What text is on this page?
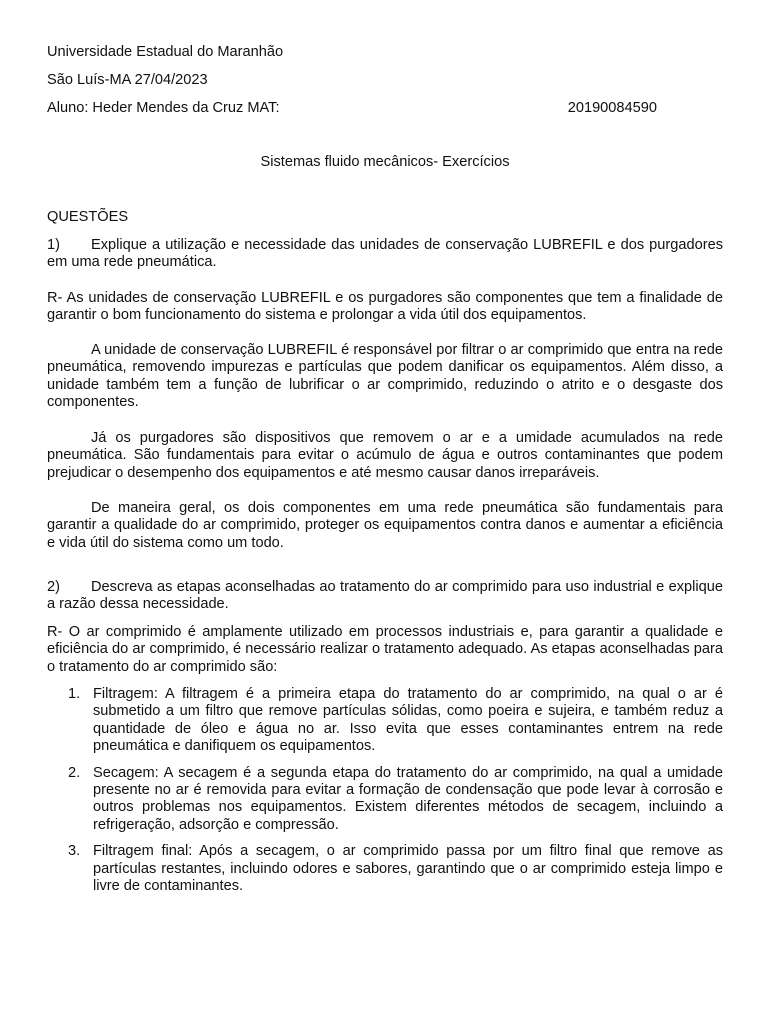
Universidade Estadual do Maranhão

São Luís-MA 27/04/2023

Aluno: Heder Mendes da Cruz MAT:	20190084590

Sistemas fluido mecânicos- Exercícios

QUESTÕES

1) Explique a utilização e necessidade das unidades de conservação LUBREFIL e dos purgadores em uma rede pneumática.

R- As unidades de conservação LUBREFIL e os purgadores são componentes que tem a finalidade de garantir o bom funcionamento do sistema e prolongar a vida útil dos equipamentos.

A unidade de conservação LUBREFIL é responsável por filtrar o ar comprimido que entra na rede pneumática, removendo impurezas e partículas que podem danificar os equipamentos. Além disso, a unidade também tem a função de lubrificar o ar comprimido, reduzindo o atrito e o desgaste dos componentes.

Já os purgadores são dispositivos que removem o ar e a umidade acumulados na rede pneumática. São fundamentais para evitar o acúmulo de água e outros contaminantes que podem prejudicar o desempenho dos equipamentos e até mesmo causar danos irreparáveis.

De maneira geral, os dois componentes em uma rede pneumática são fundamentais para garantir a qualidade do ar comprimido, proteger os equipamentos contra danos e aumentar a eficiência e vida útil do sistema como um todo.

2) Descreva as etapas aconselhadas ao tratamento do ar comprimido para uso industrial e explique a razão dessa necessidade.

R- O ar comprimido é amplamente utilizado em processos industriais e, para garantir a qualidade e eficiência do ar comprimido, é necessário realizar o tratamento adequado. As etapas aconselhadas para o tratamento do ar comprimido são:

1. Filtragem: A filtragem é a primeira etapa do tratamento do ar comprimido, na qual o ar é submetido a um filtro que remove partículas sólidas, como poeira e sujeira, e também reduz a quantidade de óleo e água no ar. Isso evita que esses contaminantes entrem na rede pneumática e danifiquem os equipamentos.
2. Secagem: A secagem é a segunda etapa do tratamento do ar comprimido, na qual a umidade presente no ar é removida para evitar a formação de condensação que pode levar à corrosão e outros problemas nos equipamentos. Existem diferentes métodos de secagem, incluindo a refrigeração, adsorção e compressão.
3. Filtragem final: Após a secagem, o ar comprimido passa por um filtro final que remove as partículas restantes, incluindo odores e sabores, garantindo que o ar comprimido esteja limpo e livre de contaminantes.
